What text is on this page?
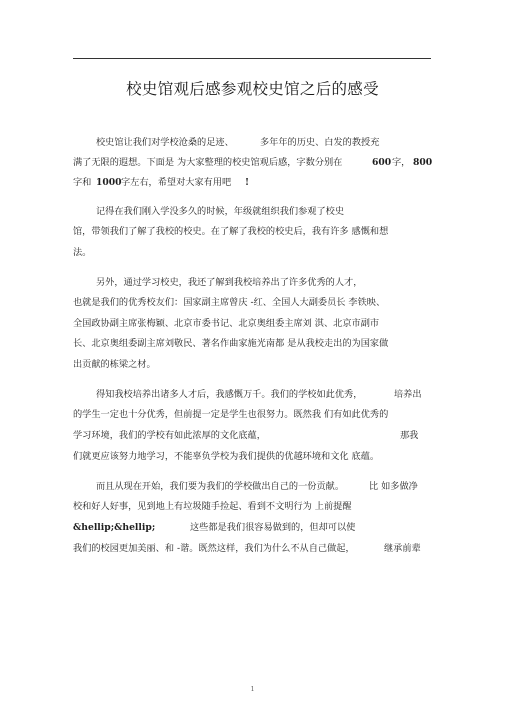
校史馆观后感参观校史馆之后的感受
校史馆让我们对学校沧桑的足迹、	多年年的历史、白发的教授充
满了无限的遐想。下面是 为大家整理的校史馆观后感，字数分别在	600 字， 800
字和 1000 字左右，希望对大家有用吧 !
记得在我们刚入学没多久的时候，年级就组织我们参观了校史
馆，带领我们了解了我校的校史。在了解了我校的校史后，我有许多 感慨和想
法。
另外，通过学习校史，我还了解到我校培养出了许多优秀的人才，
也就是我们的优秀校友们：国家副主席曾庆 -红、全国人大副委员长 李铁映、
全国政协副主席张梅颖、北京市委书记、北京奥组委主席刘 淇、北京市副市
长、北京奥组委副主席刘敬民、著名作曲家施光南都 是从我校走出的为国家做
出贡献的栋梁之材。
得知我校培养出诸多人才后，我感慨万千。我们的学校如此优秀，	培养出
的学生一定也十分优秀，但前提一定是学生也很努力。既然我 们有如此优秀的
学习环境，我们的学校有如此浓厚的文化底蕴，	那我
们就更应该努力地学习，不能辜负学校为我们提供的优越环境和文化 底蕴。
而且从现在开始，我们要为我们的学校做出自己的一份贡献。	比 如多做净
校和好人好事，见到地上有垃圾随手捡起、看到不文明行为 上前提醒
&hellip;&hellip;	这些都是我们很容易做到的，但却可以使
我们的校园更加美丽、和 -谐。既然这样，我们为什么不从自己做起，	继承前辈
1
